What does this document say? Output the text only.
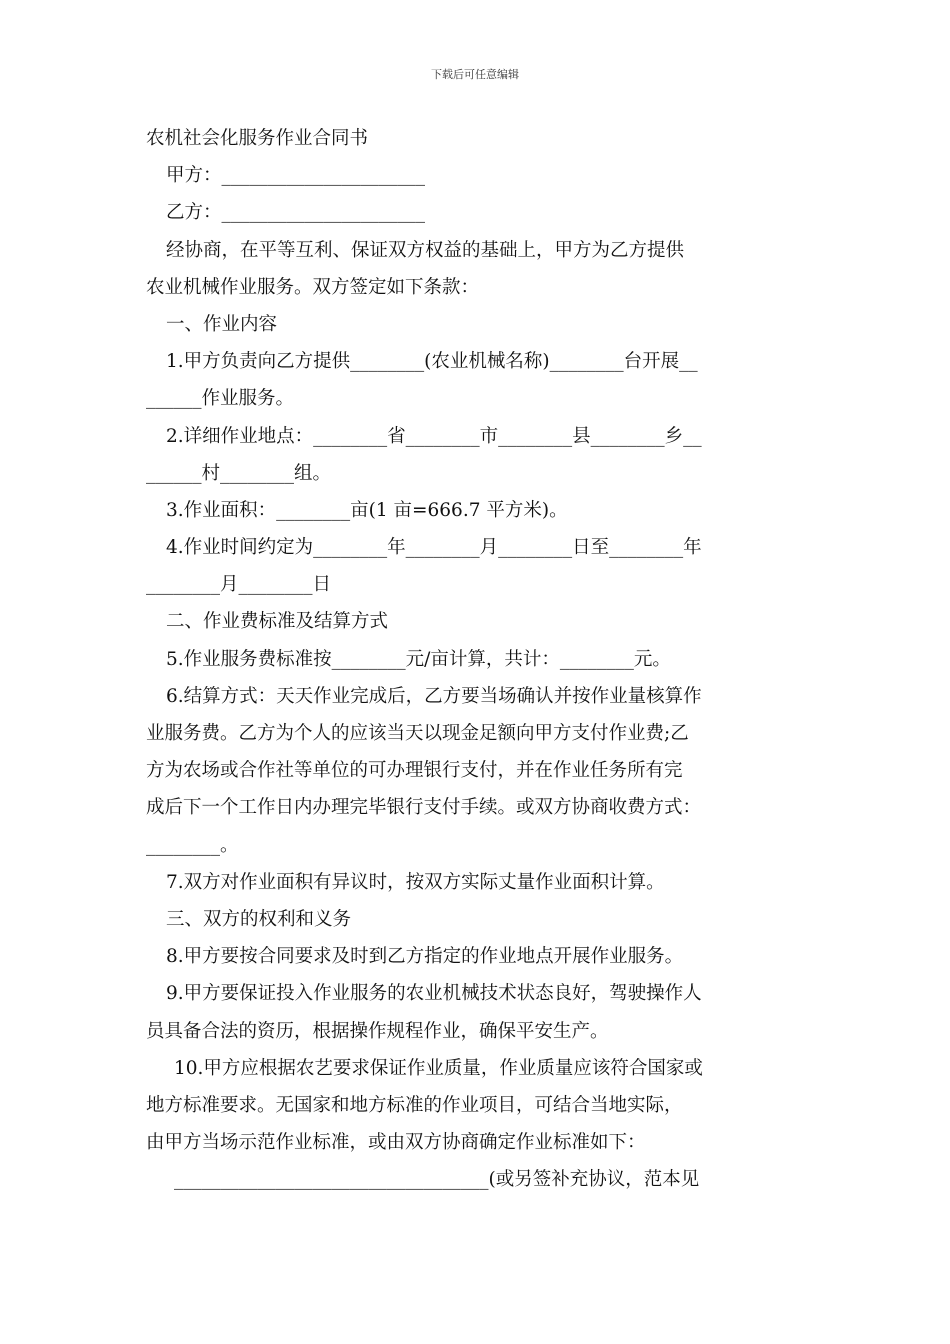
下载后可任意编辑
农机社会化服务作业合同书
甲方：______________________
乙方：______________________
经协商，在平等互利、保证双方权益的基础上，甲方为乙方提供
农业机械作业服务。双方签定如下条款：
一、作业内容
1.甲方负责向乙方提供________(农业机械名称)________台开展__
______作业服务。
2.详细作业地点：________省________市________县________乡__
______村________组。
3.作业面积：________亩(1 亩=666.7 平方米)。
4.作业时间约定为________年________月________日至________年
________月________日
二、作业费标准及结算方式
5.作业服务费标准按________元/亩计算，共计：________元。
6.结算方式：天天作业完成后，乙方要当场确认并按作业量核算作
业服务费。乙方为个人的应该当天以现金足额向甲方支付作业费;乙
方为农场或合作社等单位的可办理银行支付，并在作业任务所有完
成后下一个工作日内办理完毕银行支付手续。或双方协商收费方式：
________。
7.双方对作业面积有异议时，按双方实际丈量作业面积计算。
三、双方的权利和义务
8.甲方要按合同要求及时到乙方指定的作业地点开展作业服务。
9.甲方要保证投入作业服务的农业机械技术状态良好，驾驶操作人
员具备合法的资历，根据操作规程作业，确保平安生产。
10.甲方应根据农艺要求保证作业质量，作业质量应该符合国家或
地方标准要求。无国家和地方标准的作业项目，可结合当地实际，
由甲方当场示范作业标准，或由双方协商确定作业标准如下：
__________________________________(或另签补充协议，范本见
